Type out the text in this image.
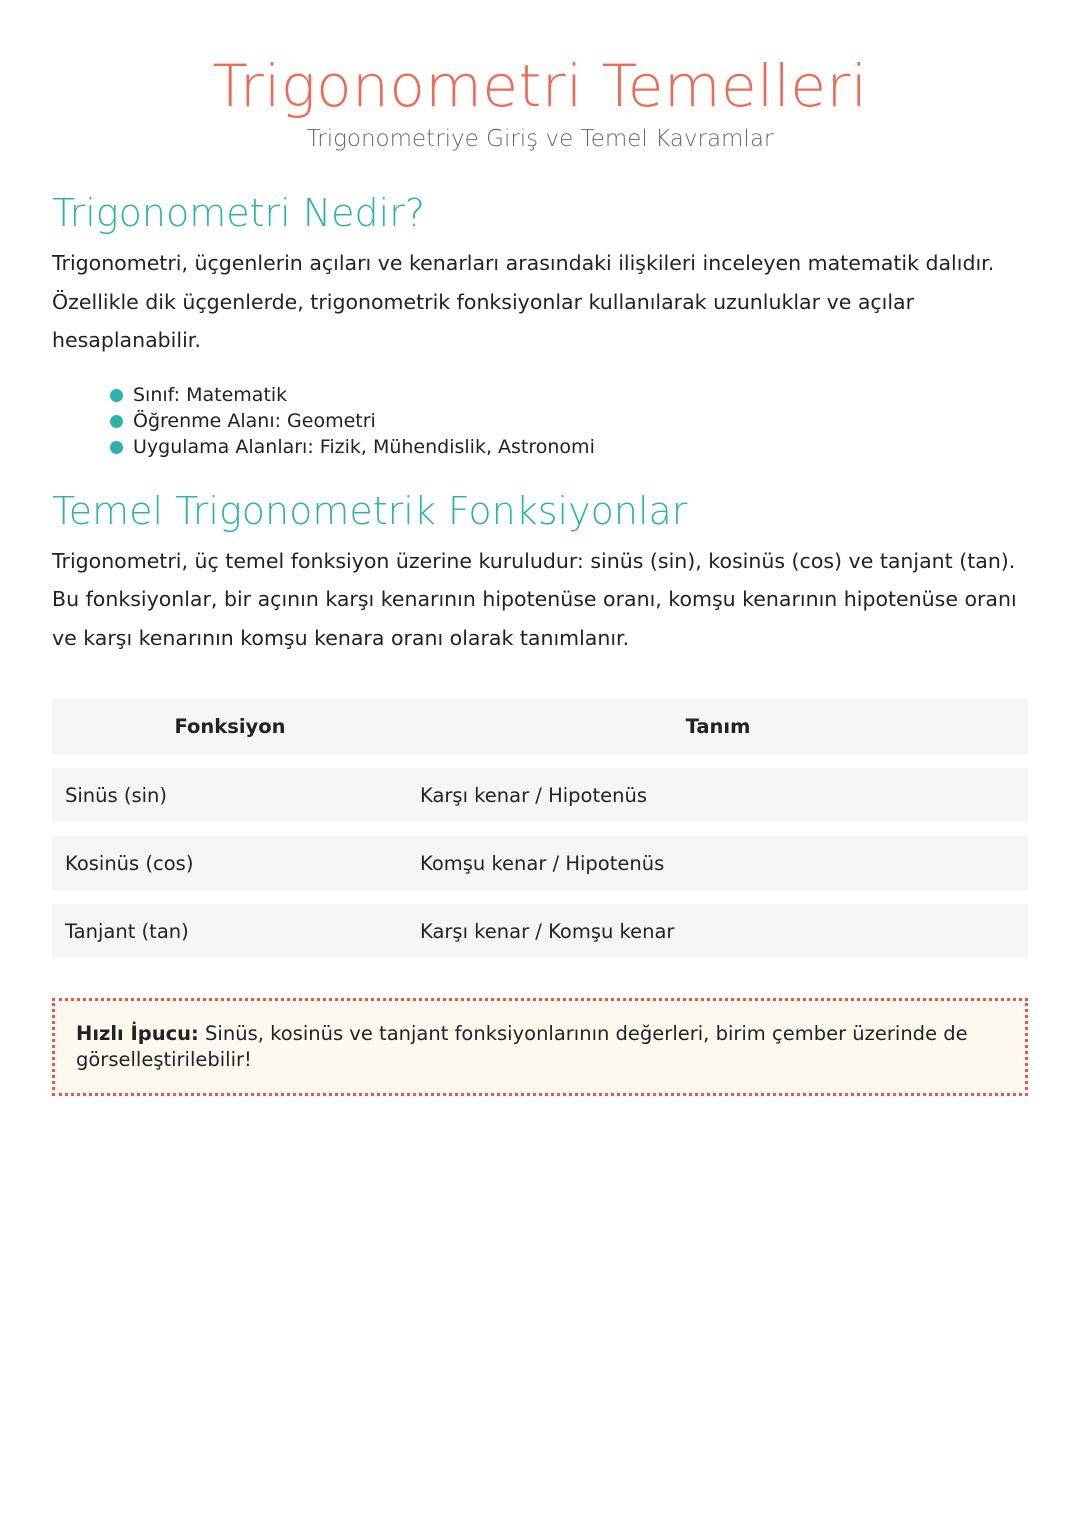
Trigonometri Temelleri
Trigonometriye Giriş ve Temel Kavramlar
Trigonometri Nedir?

Trigonometri, üçgenlerin açıları ve kenarları arasındaki ilişkileri inceleyen matematik dalıdır. Özellikle dik üçgenlerde, trigonometrik fonksiyonlar kullanılarak uzunluklar ve açılar hesaplanabilir.

Sınıf: Matematik
Öğrenme Alanı: Geometri
Uygulama Alanları: Fizik, Mühendislik, Astronomi
Temel Trigonometrik Fonksiyonlar

Trigonometri, üç temel fonksiyon üzerine kuruludur: sinüs (sin), kosinüs (cos) ve tanjant (tan). Bu fonksiyonlar, bir açının karşı kenarının hipotenüse oranı, komşu kenarının hipotenüse oranı ve karşı kenarının komşu kenara oranı olarak tanımlanır.

Fonksiyon	Tanım
Sinüs (sin)	Karşı kenar / Hipotenüs
Kosinüs (cos)	Komşu kenar / Hipotenüs
Tanjant (tan)	Karşı kenar / Komşu kenar
Hızlı İpucu: Sinüs, kosinüs ve tanjant fonksiyonlarının değerleri, birim çember üzerinde de görselleştirilebilir!
